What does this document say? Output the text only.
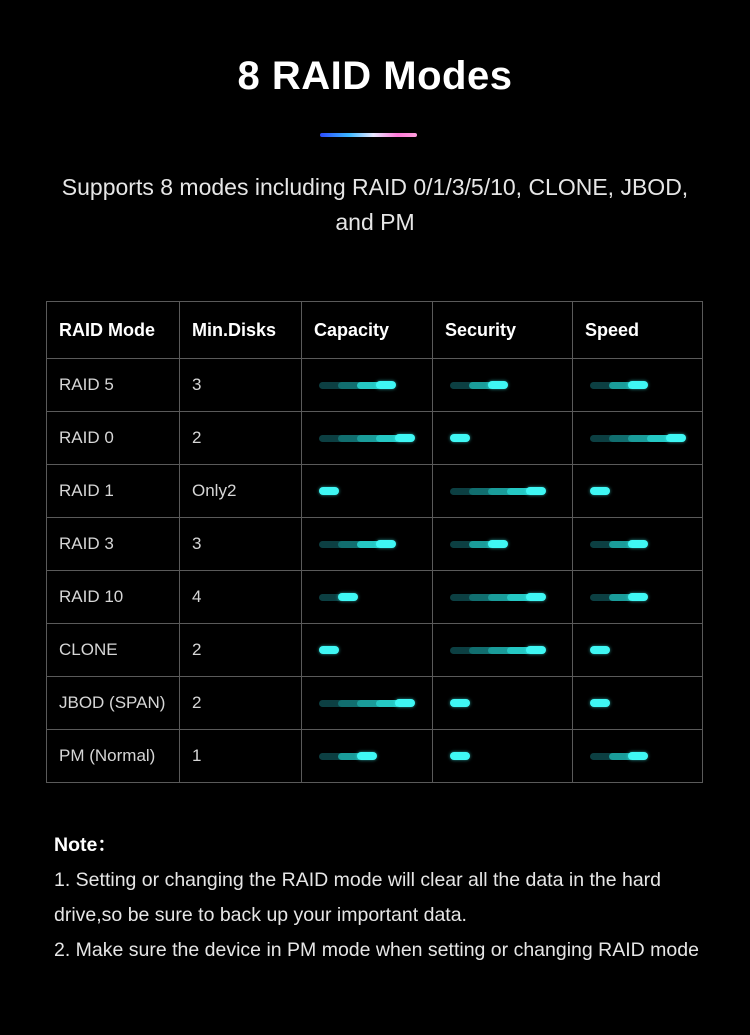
8 RAID Modes
Supports 8 modes including RAID 0/1/3/5/10, CLONE, JBOD, and PM
RAID Mode	Min.Disks	Capacity	Security	Speed
RAID 5	3	

RAID 0	2	

RAID 1	Only2	

RAID 3	3	

RAID 10	4	

CLONE	2	

JBOD (SPAN)	2	

PM (Normal)	1	

Note：
1. Setting or changing the RAID mode will clear all the data in the hard drive,so be sure to back up your important data.
2. Make sure the device in PM mode when setting or changing RAID mode
